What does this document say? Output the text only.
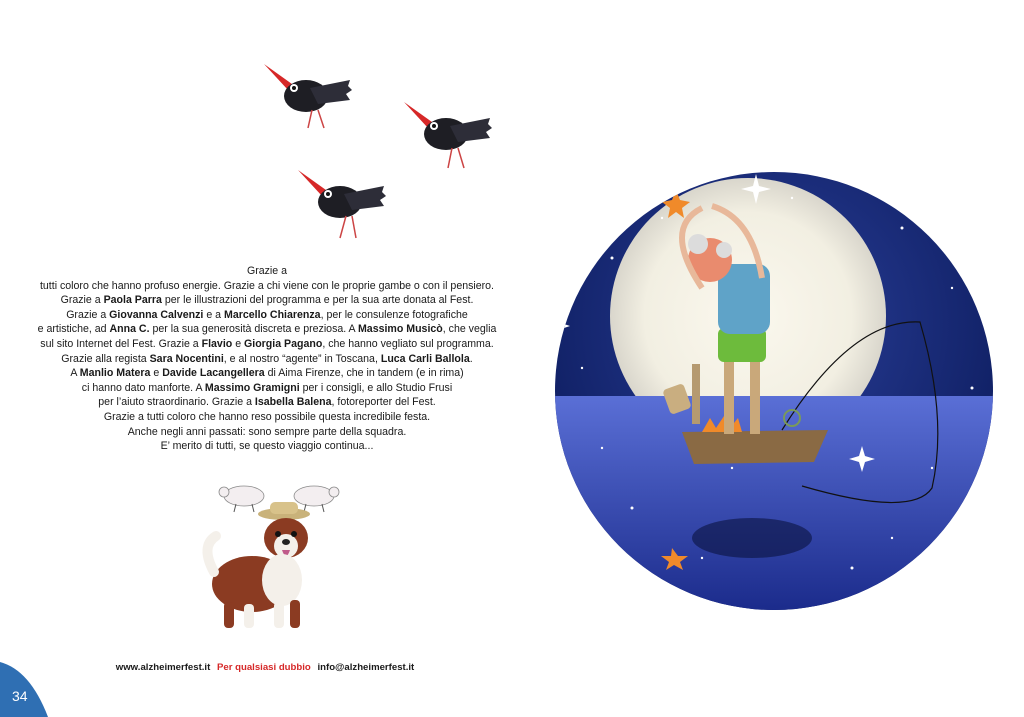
Grazie a
tutti coloro che hanno profuso energie. Grazie a chi viene con le proprie gambe o con il pensiero.
Grazie a Paola Parra per le illustrazioni del programma e per la sua arte donata al Fest.
Grazie a Giovanna Calvenzi e a Marcello Chiarenza, per le consulenze fotografiche
e artistiche, ad Anna C. per la sua generosità discreta e preziosa. A Massimo Musicò, che veglia
sul sito Internet del Fest. Grazie a Flavio e Giorgia Pagano, che hanno vegliato sul programma.
Grazie alla regista Sara Nocentini, e al nostro “agente” in Toscana, Luca Carli Ballola.
A Manlio Matera e Davide Lacangellera di Aima Firenze, che in tandem (e in rima)
ci hanno dato manforte. A Massimo Gramigni per i consigli, e allo Studio Frusi
per l’aiuto straordinario. Grazie a Isabella Balena, fotoreporter del Fest.
Grazie a tutti coloro che hanno reso possibile questa incredibile festa.
Anche negli anni passati: sono sempre parte della squadra.
E’ merito di tutti, se questo viaggio continua...
www.alzheimerfest.it Per qualsiasi dubbio info@alzheimerfest.it
34
